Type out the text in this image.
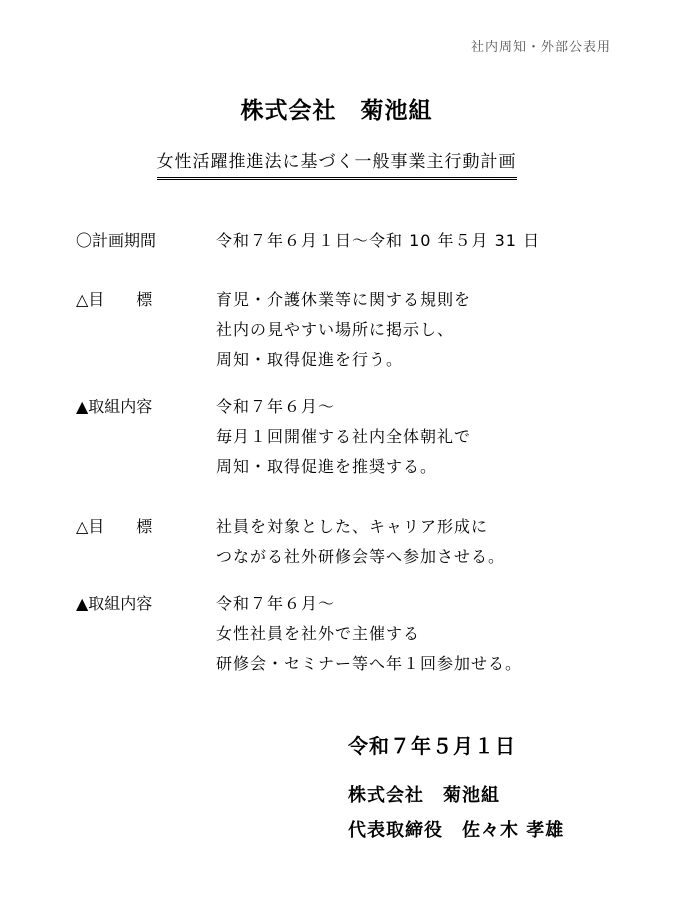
社内周知・外部公表用
株式会社　菊池組
女性活躍推進法に基づく一般事業主行動計画
〇計画期間	令和７年６月１日～令和 10 年５月 31 日
△目　　標	育児・介護休業等に関する規則を
社内の見やすい場所に掲示し、
周知・取得促進を行う。
▲取組内容	令和７年６月～
毎月１回開催する社内全体朝礼で
周知・取得促進を推奨する。
△目　　標	社員を対象とした、キャリア形成に
つながる社外研修会等へ参加させる。
▲取組内容	令和７年６月～
女性社員を社外で主催する
研修会・セミナー等へ年１回参加せる。
令和７年５月１日
株式会社　菊池組
代表取締役　佐々木 孝雄
